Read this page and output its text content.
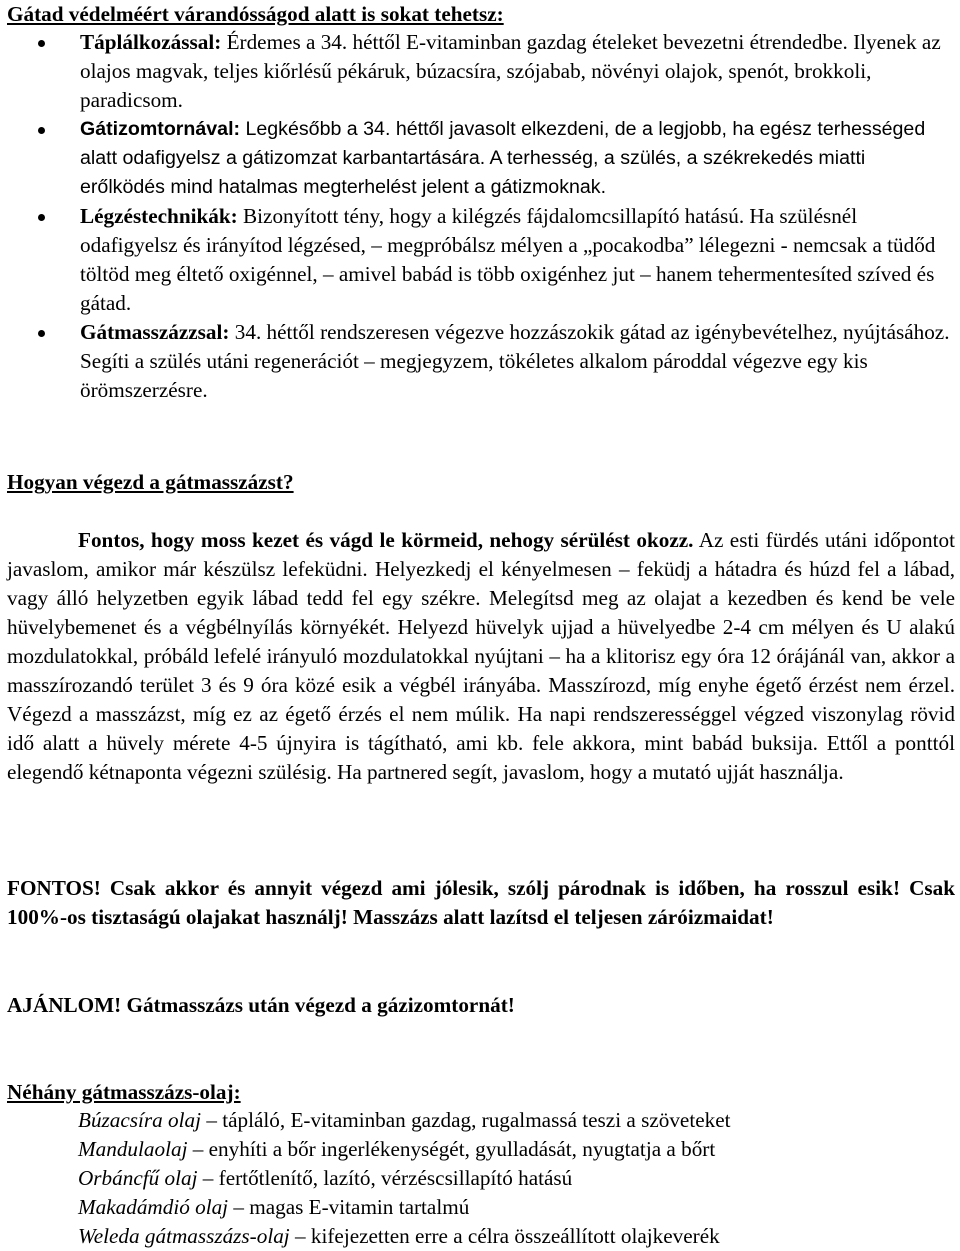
Gátad védelméért várandósságod alatt is sokat tehetsz:
Táplálkozással: Érdemes a 34. héttől E-vitaminban gazdag ételeket bevezetni étrendedbe. Ilyenek az olajos magvak, teljes kiőrlésű pékáruk, búzacsíra, szójabab, növényi olajok, spenót, brokkoli, paradicsom.
Gátizomtornával: Legkésőbb a 34. héttől javasolt elkezdeni, de a legjobb, ha egész terhességed alatt odafigyelsz a gátizomzat karbantartására. A terhesség, a szülés, a székrekedés miatti erőlködés mind hatalmas megterhelést jelent a gátizmoknak.
Légzéstechnikák: Bizonyított tény, hogy a kilégzés fájdalomcsillapító hatású. Ha szülésnél odafigyelsz és irányítod légzésed, – megpróbálsz mélyen a „pocakodba” lélegezni - nemcsak a tüdőd töltöd meg éltető oxigénnel, – amivel babád is több oxigénhez jut – hanem tehermentesíted szíved és gátad.
Gátmasszázzsal: 34. héttől rendszeresen végezve hozzászokik gátad az igénybevételhez, nyújtásához. Segíti a szülés utáni regenerációt – megjegyzem, tökéletes alkalom pároddal végezve egy kis örömszerzésre.
Hogyan végezd a gátmasszázst?
Fontos, hogy moss kezet és vágd le körmeid, nehogy sérülést okozz. Az esti fürdés utáni időpontot javaslom, amikor már készülsz lefeküdni. Helyezkedj el kényelmesen – feküdj a hátadra és húzd fel a lábad, vagy álló helyzetben egyik lábad tedd fel egy székre. Melegítsd meg az olajat a kezedben és kend be vele hüvelybemenet és a végbélnyílás környékét. Helyezd hüvelyk ujjad a hüvelyedbe 2-4 cm mélyen és U alakú mozdulatokkal, próbáld lefelé irányuló mozdulatokkal nyújtani – ha a klitorisz egy óra 12 órájánál van, akkor a masszírozandó terület 3 és 9 óra közé esik a végbél irányába. Masszírozd, míg enyhe égető érzést nem érzel. Végezd a masszázst, míg ez az égető érzés el nem múlik. Ha napi rendszerességgel végzed viszonylag rövid idő alatt a hüvely mérete 4-5 újnyira is tágítható, ami kb. fele akkora, mint babád buksija. Ettől a ponttól elegendő kétnaponta végezni szülésig. Ha partnered segít, javaslom, hogy a mutató ujját használja.
FONTOS! Csak akkor és annyit végezd ami jólesik, szólj párodnak is időben, ha rosszul esik! Csak 100%-os tisztaságú olajakat használj! Masszázs alatt lazítsd el teljesen záróizmaidat!
AJÁNLOM! Gátmasszázs után végezd a gázizomtornát!
Néhány gátmasszázs-olaj:
Búzacsíra olaj – tápláló, E-vitaminban gazdag, rugalmassá teszi a szöveteket
Mandulaolaj – enyhíti a bőr ingerlékenységét, gyulladását, nyugtatja a bőrt
Orbáncfű olaj – fertőtlenítő, lazító, vérzéscsillapító hatású
Makadámdió olaj – magas E-vitamin tartalmú
Weleda gátmasszázs-olaj – kifejezetten erre a célra összeállított olajkeverék
